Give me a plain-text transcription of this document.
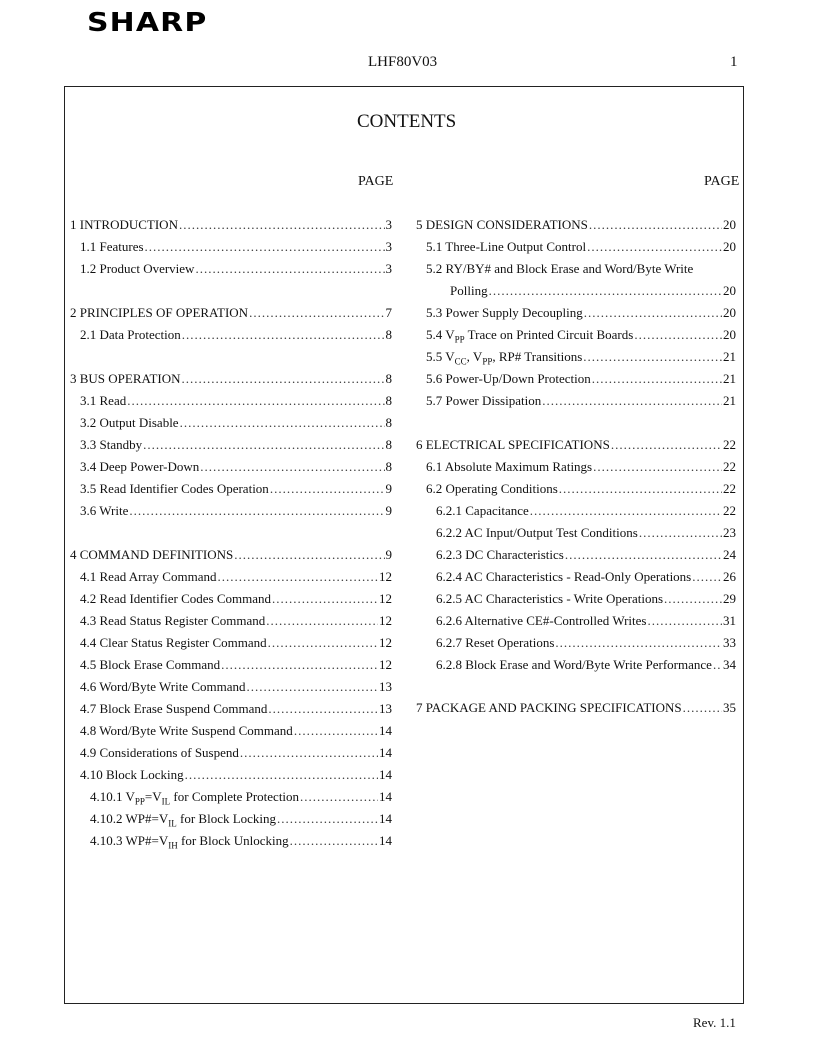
SHARP
LHF80V03	1
CONTENTS
PAGE	PAGE
1 INTRODUCTION .....	3
1.1 Features .....	3
1.2 Product Overview .....	3
2 PRINCIPLES OF OPERATION .....	7
2.1 Data Protection .....	8
3 BUS OPERATION .....	8
3.1 Read .....	8
3.2 Output Disable .....	8
3.3 Standby .....	8
3.4 Deep Power-Down .....	8
3.5 Read Identifier Codes Operation .....	9
3.6 Write .....	9
4 COMMAND DEFINITIONS .....	9
4.1 Read Array Command .....	12
4.2 Read Identifier Codes Command .....	12
4.3 Read Status Register Command .....	12
4.4 Clear Status Register Command .....	12
4.5 Block Erase Command .....	12
4.6 Word/Byte Write Command .....	13
4.7 Block Erase Suspend Command .....	13
4.8 Word/Byte Write Suspend Command .....	14
4.9 Considerations of Suspend .....	14
4.10 Block Locking .....	14
4.10.1 $V_{PP}=V_{IL}$ for Complete Protection .....	14
4.10.2 $WP\#=V_{IL}$ for Block Locking .....	14
4.10.3 $WP\#=V_{IH}$ for Block Unlocking .....	14
5 DESIGN CONSIDERATIONS .....	20
5.1 Three-Line Output Control .....	20
5.2 RY/BY# and Block Erase and Word/Byte Write
Polling .....	20
5.3 Power Supply Decoupling .....	20
5.4 $V_{PP}$ Trace on Printed Circuit Boards .....	20
5.5 $V_{CC}$, $V_{PP}$, RP# Transitions .....	21
5.6 Power-Up/Down Protection .....	21
5.7 Power Dissipation .....	21
6 ELECTRICAL SPECIFICATIONS .....	22
6.1 Absolute Maximum Ratings .....	22
6.2 Operating Conditions .....	22
6.2.1 Capacitance .....	22
6.2.2 AC Input/Output Test Conditions .....	23
6.2.3 DC Characteristics .....	24
6.2.4 AC Characteristics - Read-Only Operations ..... 26
6.2.5 AC Characteristics - Write Operations .....	29
6.2.6 Alternative CE#-Controlled Writes .....	31
6.2.7 Reset Operations .....	33
6.2.8 Block Erase and Word/Byte Write Performance ..... 34
7 PACKAGE AND PACKING SPECIFICATIONS .....	35
Rev. 1.1
